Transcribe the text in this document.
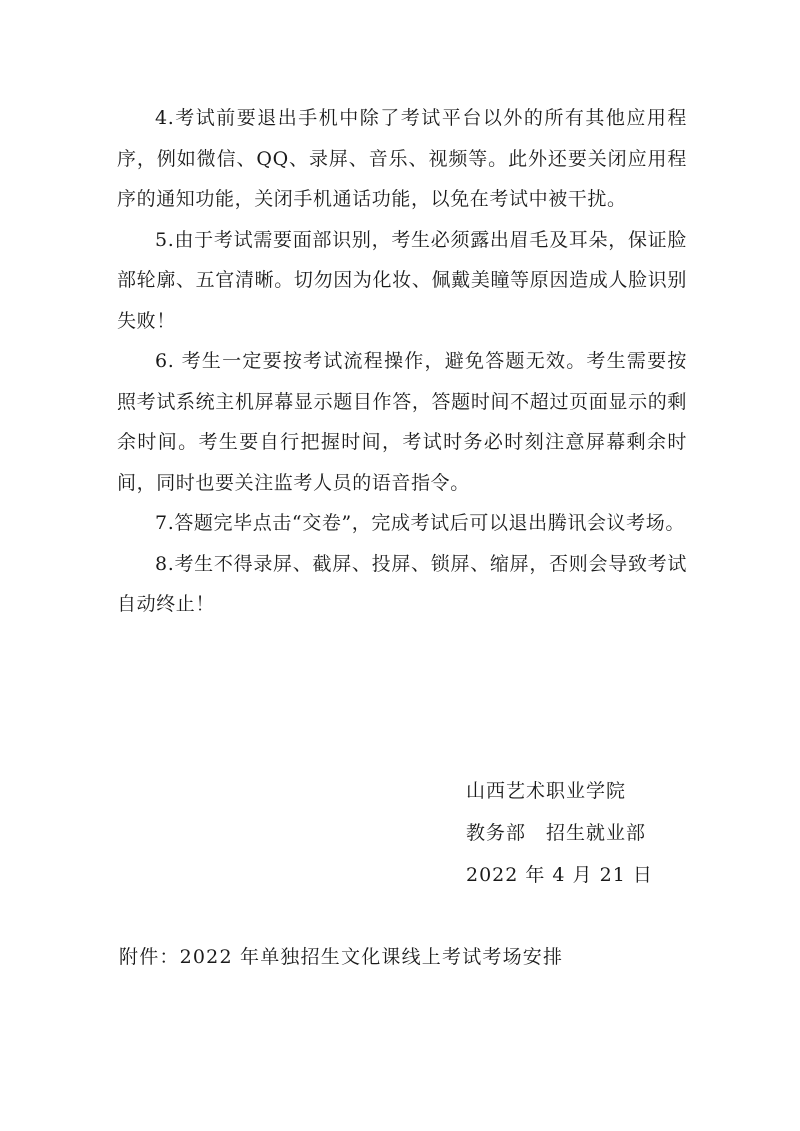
4.考试前要退出手机中除了考试平台以外的所有其他应用程序，例如微信、QQ、录屏、音乐、视频等。此外还要关闭应用程序的通知功能，关闭手机通话功能，以免在考试中被干扰。

5.由于考试需要面部识别，考生必须露出眉毛及耳朵，保证脸部轮廓、五官清晰。切勿因为化妆、佩戴美瞳等原因造成人脸识别失败！

6. 考生一定要按考试流程操作，避免答题无效。考生需要按照考试系统主机屏幕显示题目作答，答题时间不超过页面显示的剩余时间。考生要自行把握时间，考试时务必时刻注意屏幕剩余时间，同时也要关注监考人员的语音指令。

7.答题完毕点击“交卷”，完成考试后可以退出腾讯会议考场。

8.考生不得录屏、截屏、投屏、锁屏、缩屏，否则会导致考试自动终止！

山西艺术职业学院
教务部　招生就业部
2022 年 4 月 21 日
附件：2022 年单独招生文化课线上考试考场安排
